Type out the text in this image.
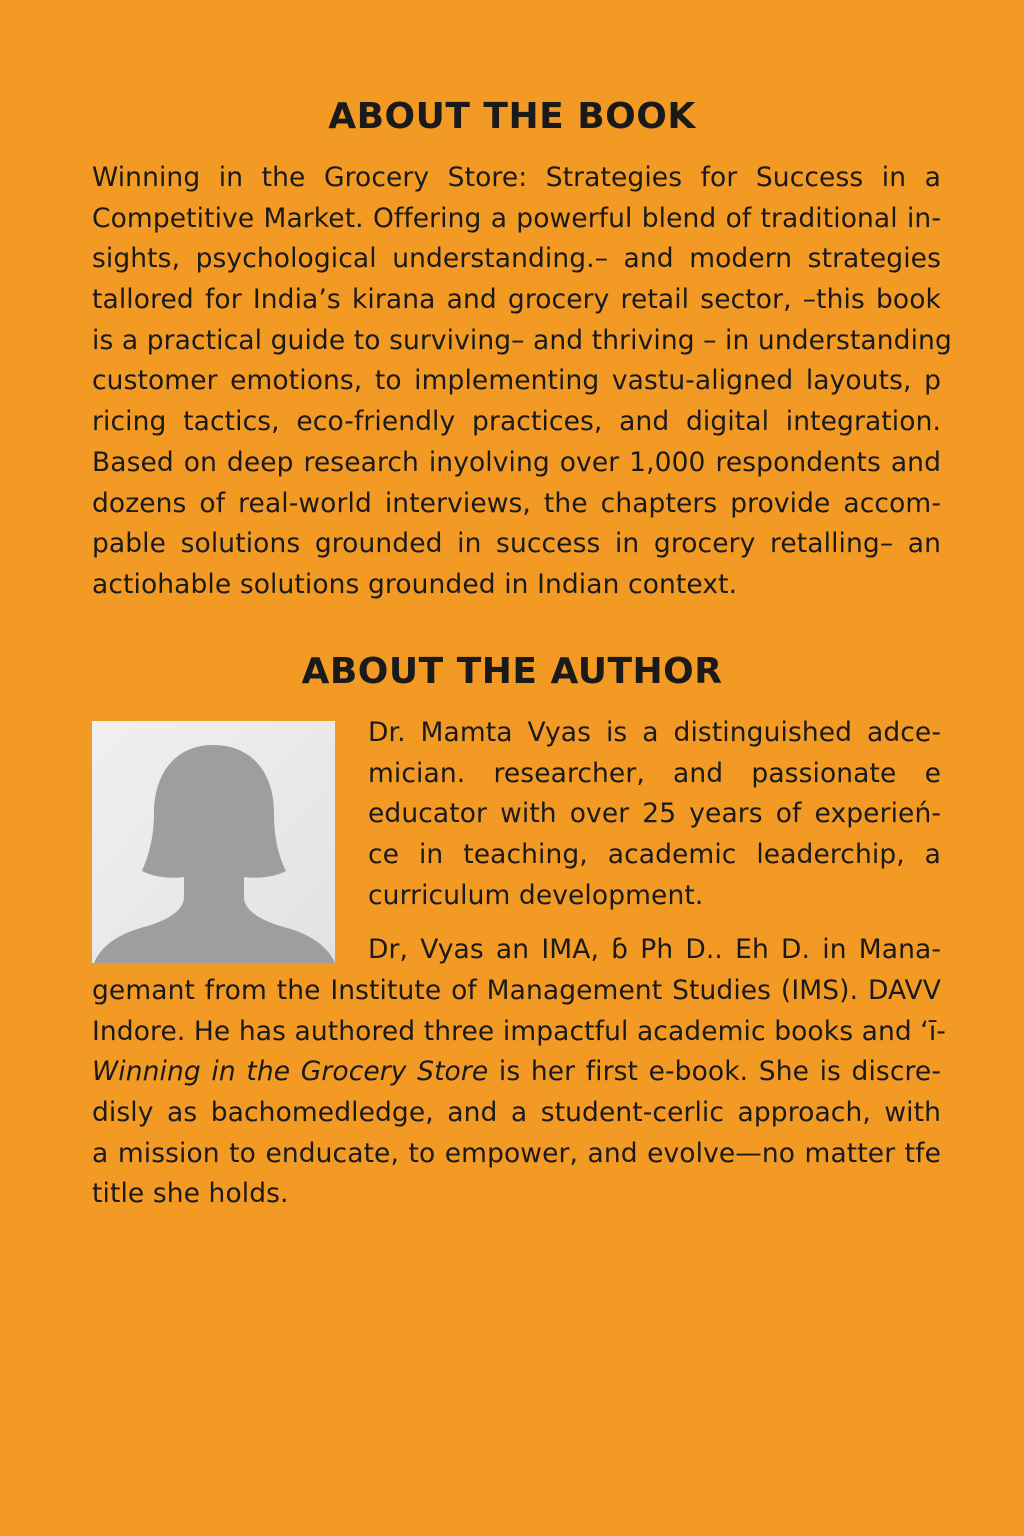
ABOUT THE BOOK
Winning in the Grocery Store: Strategies for Success in a
Competitive Market. Offering a powerful blend of traditional in-
sights, psychological understanding.– and modern strategies
tallored for India’s kirana and grocery retail sector, –this book
is a practical guide to surviving– and thriving – in understanding
customer emotions, to implementing vastu-aligned layouts, p
ricing tactics, eco-friendly practices, and digital integration.
Based on deep research inyolving over 1,000 respondents and
dozens of real-world interviews, the chapters provide accom-
pable solutions grounded in success in grocery retalling– an
actiohable solutions grounded in Indian context.
ABOUT THE AUTHOR
Dr. Mamta Vyas is a distinguished adce-
mician. researcher, and passionate e
educator with over 25 years of experień-
ce in teaching, academic leaderchip, a
curriculum development.
Dr, Vyas an IMA, ɓ Ph D.. Eh D. in Mana-
gemant from the Institute of Management Studies (IMS). DAVV
Indore. He has authored three impactful academic books and ‘ī-
Winning in the Grocery Store is her first e-book. She is discre-
disly as bachomedledge, and a student-cerlic approach, with
a mission to enducate, to empower, and evolve—no matter tfe
title she holds.
